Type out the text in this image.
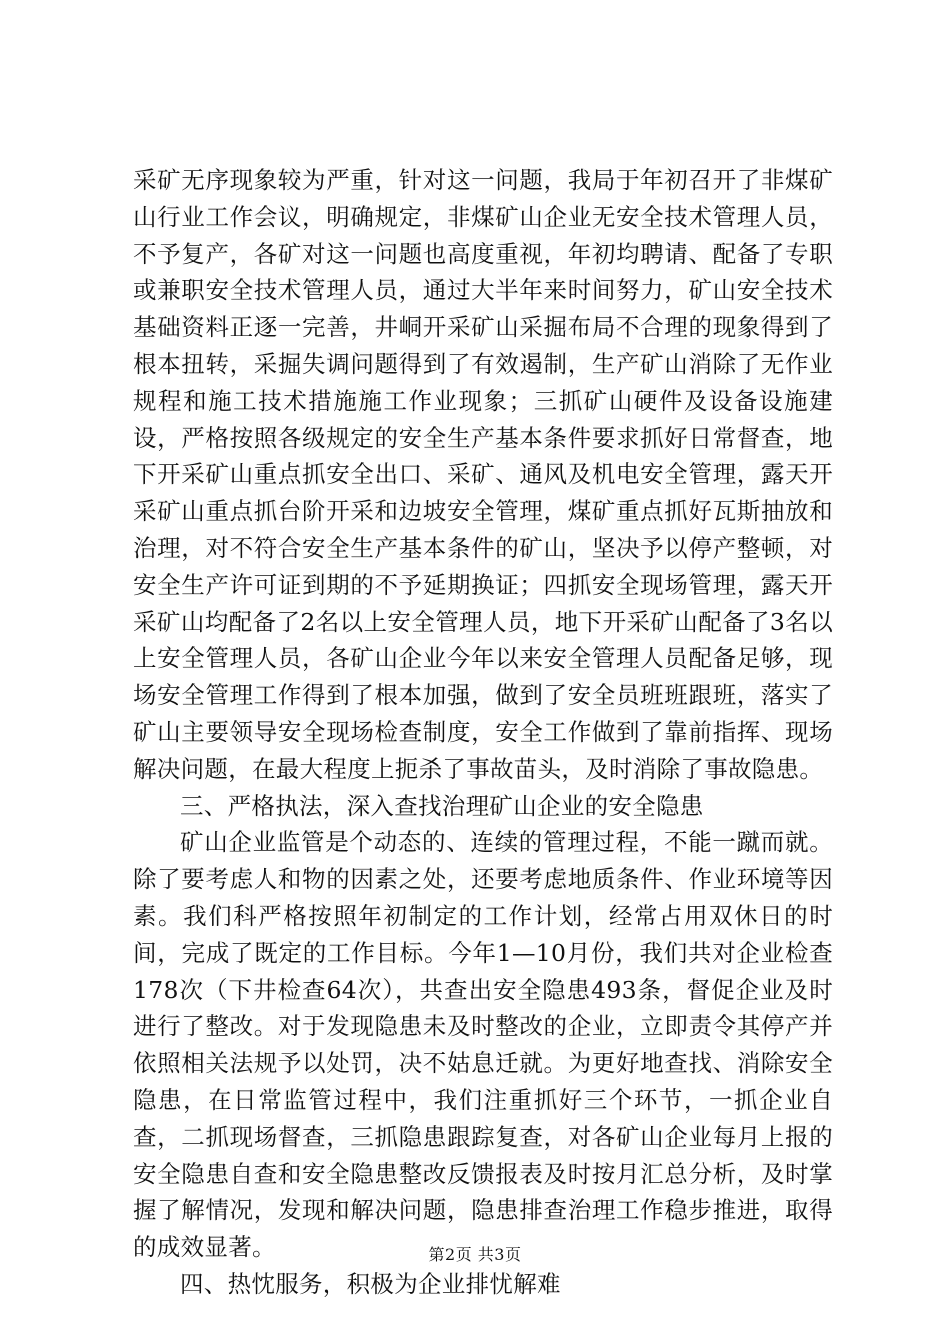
采矿无序现象较为严重，针对这一问题，我局于年初召开了非煤矿山行业工作会议，明确规定，非煤矿山企业无安全技术管理人员，不予复产，各矿对这一问题也高度重视，年初均聘请、配备了专职或兼职安全技术管理人员，通过大半年来时间努力，矿山安全技术基础资料正逐一完善，井峒开采矿山采掘布局不合理的现象得到了根本扭转，采掘失调问题得到了有效遏制，生产矿山消除了无作业规程和施工技术措施施工作业现象；三抓矿山硬件及设备设施建设，严格按照各级规定的安全生产基本条件要求抓好日常督查，地下开采矿山重点抓安全出口、采矿、通风及机电安全管理，露天开采矿山重点抓台阶开采和边坡安全管理，煤矿重点抓好瓦斯抽放和治理，对不符合安全生产基本条件的矿山，坚决予以停产整顿，对安全生产许可证到期的不予延期换证；四抓安全现场管理，露天开采矿山均配备了2名以上安全管理人员，地下开采矿山配备了3名以上安全管理人员，各矿山企业今年以来安全管理人员配备足够，现场安全管理工作得到了根本加强，做到了安全员班班跟班，落实了矿山主要领导安全现场检查制度，安全工作做到了靠前指挥、现场解决问题，在最大程度上扼杀了事故苗头，及时消除了事故隐患。

三、严格执法，深入查找治理矿山企业的安全隐患

矿山企业监管是个动态的、连续的管理过程，不能一蹴而就。除了要考虑人和物的因素之处，还要考虑地质条件、作业环境等因素。我们科严格按照年初制定的工作计划，经常占用双休日的时间，完成了既定的工作目标。今年1—10月份，我们共对企业检查178次（下井检查64次），共查出安全隐患493条，督促企业及时进行了整改。对于发现隐患未及时整改的企业，立即责令其停产并依照相关法规予以处罚，决不姑息迁就。为更好地查找、消除安全隐患，在日常监管过程中，我们注重抓好三个环节，一抓企业自查，二抓现场督查，三抓隐患跟踪复查，对各矿山企业每月上报的安全隐患自查和安全隐患整改反馈报表及时按月汇总分析，及时掌握了解情况，发现和解决问题，隐患排查治理工作稳步推进，取得的成效显著。

四、热忱服务，积极为企业排忧解难

第2页 共3页
